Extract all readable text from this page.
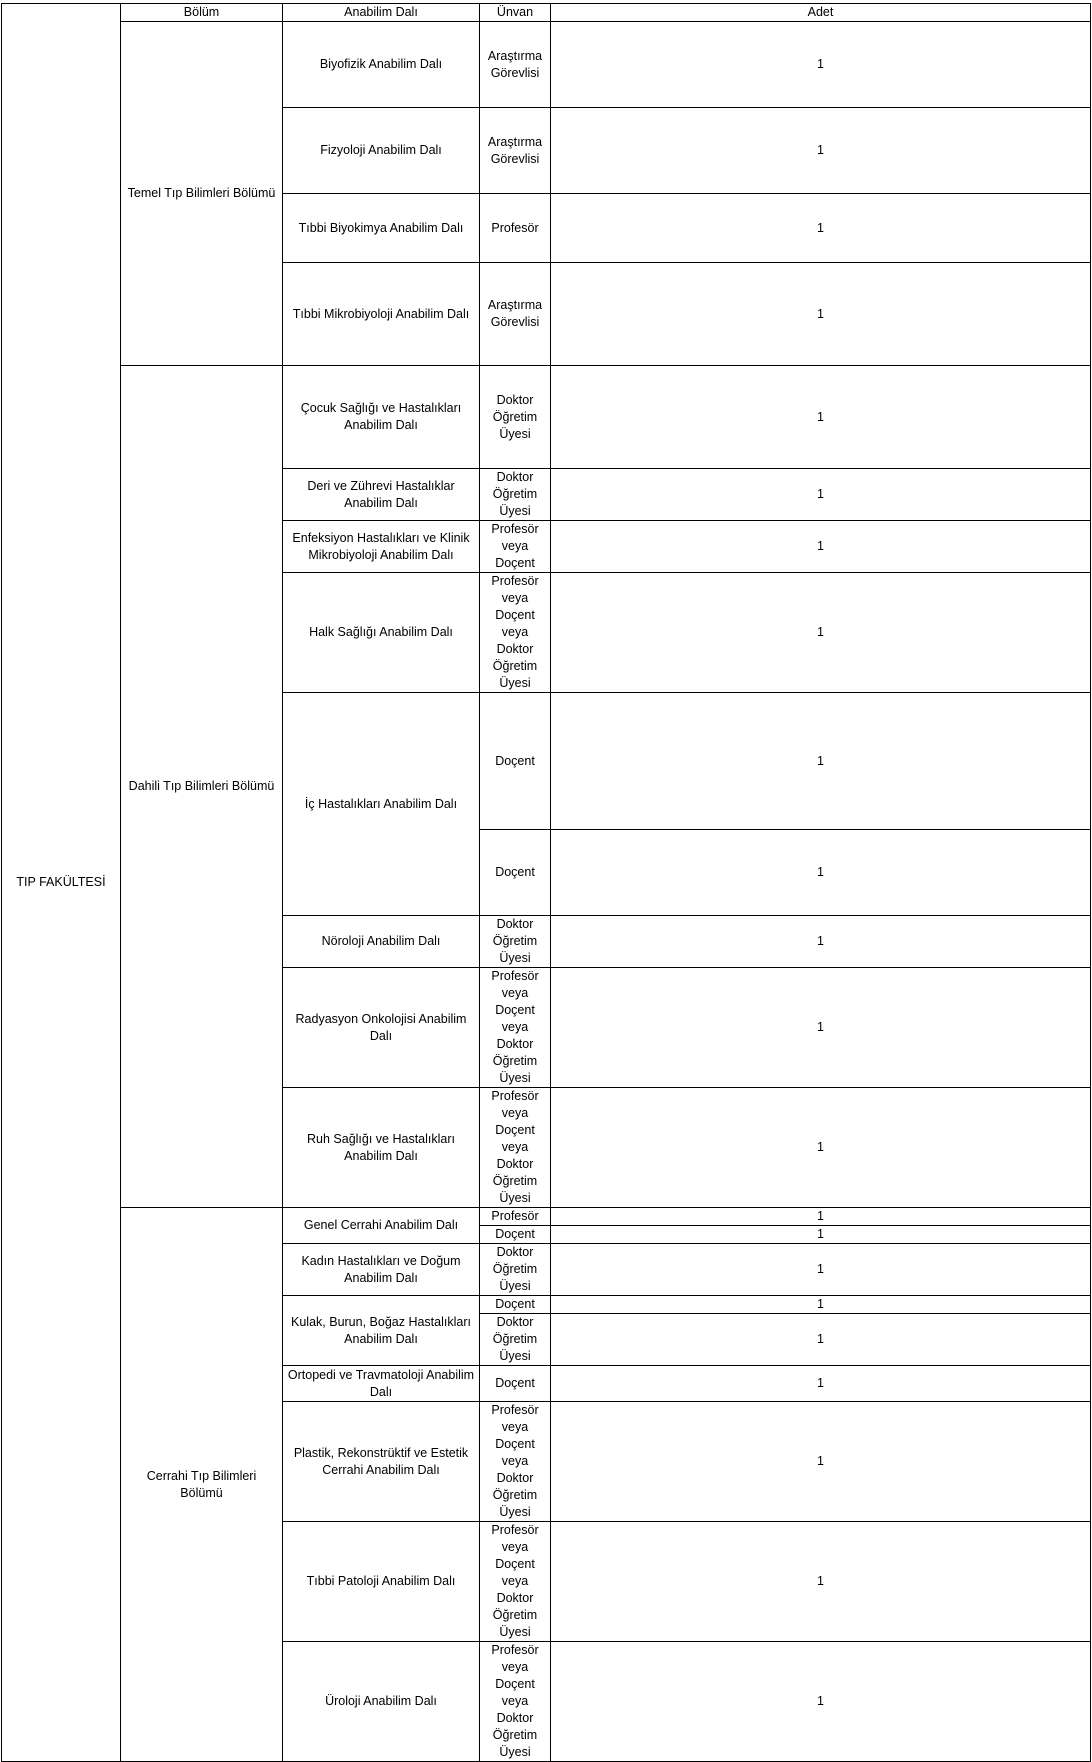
TIP FAKÜLTESİ	Bölüm	Anabilim Dalı	Ünvan	Adet	
	Temel Tıp Bilimleri Bölümü	Biyofizik Anabilim Dalı	Araştırma Görevlisi	1	
		Fizyoloji Anabilim Dalı	Araştırma Görevlisi	1	
		Tıbbi Biyokimya Anabilim Dalı	Profesör	1	
		Tıbbi Mikrobiyoloji Anabilim Dalı	Araştırma Görevlisi	1	
	Dahili Tıp Bilimleri Bölümü	Çocuk Sağlığı ve Hastalıkları Anabilim Dalı	Doktor Öğretim Üyesi	1	
		Deri ve Zührevi Hastalıklar Anabilim Dalı	Doktor Öğretim Üyesi	1	
		Enfeksiyon Hastalıkları ve Klinik Mikrobiyoloji Anabilim Dalı	Profesör veya Doçent	1	
		Halk Sağlığı Anabilim Dalı	Profesör veya Doçent veya Doktor Öğretim Üyesi	1	
		İç Hastalıkları Anabilim Dalı	Doçent	1	
			Doçent	1	
		Nöroloji Anabilim Dalı	Doktor Öğretim Üyesi	1	
		Radyasyon Onkolojisi Anabilim Dalı	Profesör veya Doçent veya Doktor Öğretim Üyesi	1	
		Ruh Sağlığı ve Hastalıkları Anabilim Dalı	Profesör veya Doçent veya Doktor Öğretim Üyesi	1	
	Cerrahi Tıp Bilimleri Bölümü	Genel Cerrahi Anabilim Dalı	Profesör	1	
			Doçent	1	
		Kadın Hastalıkları ve Doğum Anabilim Dalı	Doktor Öğretim Üyesi	1	
		Kulak, Burun, Boğaz Hastalıkları Anabilim Dalı	Doçent	1	
			Doktor Öğretim Üyesi	1	
		Ortopedi ve Travmatoloji Anabilim Dalı	Doçent	1	
		Plastik, Rekonstrüktif ve Estetik Cerrahi Anabilim Dalı	Profesör veya Doçent veya Doktor Öğretim Üyesi	1	
		Tıbbi Patoloji Anabilim Dalı	Profesör veya Doçent veya Doktor Öğretim Üyesi	1	
		Üroloji Anabilim Dalı	Profesör veya Doçent veya Doktor Öğretim Üyesi	1	
